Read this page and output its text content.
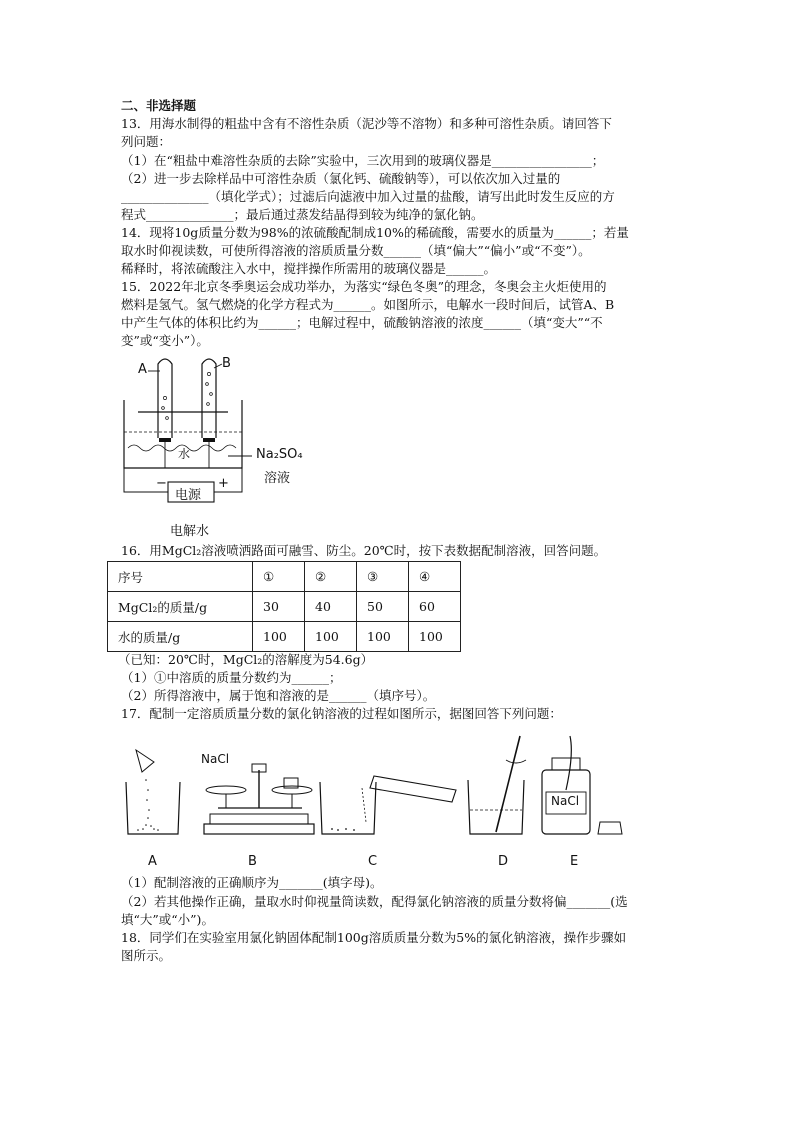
二、非选择题
13．用海水制得的粗盐中含有不溶性杂质（泥沙等不溶物）和多种可溶性杂质。请回答下
列问题：
（1）在“粗盐中难溶性杂质的去除”实验中，三次用到的玻璃仪器是________________；
（2）进一步去除样品中可溶性杂质（氯化钙、硫酸钠等），可以依次加入过量的
______________（填化学式）；过滤后向滤液中加入过量的盐酸，请写出此时发生反应的方
程式______________；最后通过蒸发结晶得到较为纯净的氯化钠。
14．现将10g质量分数为98%的浓硫酸配制成10%的稀硫酸，需要水的质量为______；若量
取水时仰视读数，可使所得溶液的溶质质量分数______（填“偏大”“偏小”或“不变”）。
稀释时，将浓硫酸注入水中，搅拌操作所需用的玻璃仪器是______。
15．2022年北京冬季奥运会成功举办，为落实“绿色冬奥”的理念，冬奥会主火炬使用的
燃料是氢气。氢气燃烧的化学方程式为______。如图所示，电解水一段时间后，试管A、B
中产生气体的体积比约为______；电解过程中，硫酸钠溶液的浓度______（填“变大”“不
变”或“变小”）。
A	B
水	Na₂SO₄
溶液
电源
−	+
电解水
16．用MgCl₂溶液喷洒路面可融雪、防尘。20℃时，按下表数据配制溶液，回答问题。
序号	①	②	③	④
MgCl₂的质量/g	30	40	50	60
水的质量/g	100	100	100	100
（已知：20℃时，MgCl₂的溶解度为54.6g）
（1）①中溶质的质量分数约为______；
（2）所得溶液中，属于饱和溶液的是______（填序号）。
17．配制一定溶质质量分数的氯化钠溶液的过程如图所示，据图回答下列问题：
NaCl
NaCl
A	B	C	D	E
（1）配制溶液的正确顺序为_______(填字母)。
（2）若其他操作正确，量取水时仰视量筒读数，配得氯化钠溶液的质量分数将偏_______(选
填“大”或“小”)。
18．同学们在实验室用氯化钠固体配制100g溶质质量分数为5%的氯化钠溶液，操作步骤如
图所示。
